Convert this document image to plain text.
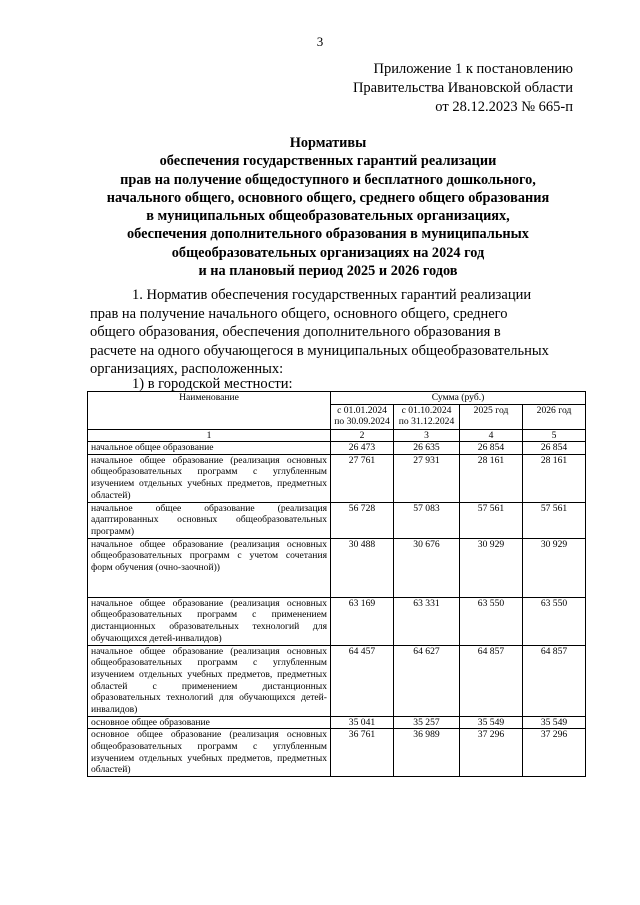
3
Приложение 1 к постановлению
Правительства Ивановской области
от 28.12.2023 № 665-п
Нормативы
обеспечения государственных гарантий реализации
прав на получение общедоступного и бесплатного дошкольного,
начального общего, основного общего, среднего общего образования
в муниципальных общеобразовательных организациях,
обеспечения дополнительного образования в муниципальных
общеобразовательных организациях на 2024 год
и на плановый период 2025 и 2026 годов
1. Норматив обеспечения государственных гарантий реализации
прав на получение начального общего, основного общего, среднего
общего образования, обеспечения дополнительного образования в
расчете на одного обучающегося в муниципальных общеобразовательных
организациях, расположенных:
1) в городской местности:
Наименование	Сумма (руб.)			
	с 01.01.2024 по 30.09.2024	с 01.10.2024 по 31.12.2024	2025 год	2026 год
1	2	3	4	5
начальное общее образование	26 473	26 635	26 854	26 854
начальное общее образование (реализация основных общеобразовательных программ с углубленным изучением отдельных учебных предметов, предметных областей)	27 761	27 931	28 161	28 161
начальное общее образование (реализация адаптированных основных общеобразовательных программ)	56 728	57 083	57 561	57 561
начальное общее образование (реализация основных общеобразовательных программ с учетом сочетания форм обучения (очно-заочной))	30 488	30 676	30 929	30 929
начальное общее образование (реализация основных общеобразовательных программ с применением дистанционных образовательных технологий для обучающихся детей-инвалидов)	63 169	63 331	63 550	63 550
начальное общее образование (реализация основных общеобразовательных программ с углубленным изучением отдельных учебных предметов, предметных областей с применением дистанционных образовательных технологий для обучающихся детей-инвалидов)	64 457	64 627	64 857	64 857
основное общее образование	35 041	35 257	35 549	35 549
основное общее образование (реализация основных общеобразовательных программ с углубленным изучением отдельных учебных предметов, предметных областей)	36 761	36 989	37 296	37 296
